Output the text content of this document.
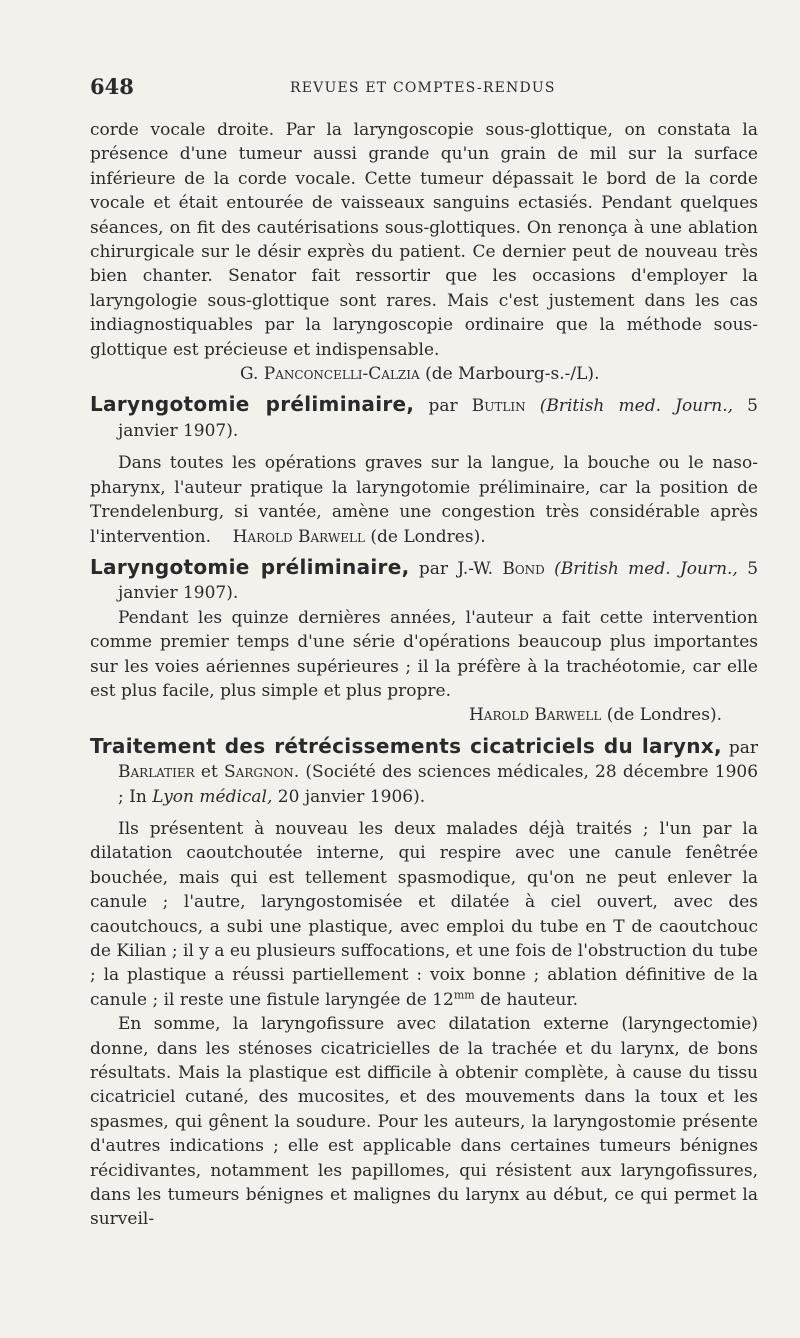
648	REVUES ET COMPTES-RENDUS

corde vocale droite. Par la laryngoscopie sous-glottique, on constata la présence d'une tumeur aussi grande qu'un grain de mil sur la surface inférieure de la corde vocale. Cette tumeur dépassait le bord de la corde vocale et était entourée de vaisseaux sanguins ectasiés. Pendant quelques séances, on fit des cautérisations sous-glottiques. On renonça à une ablation chirurgicale sur le désir exprès du patient. Ce dernier peut de nouveau très bien chanter. Senator fait ressortir que les occasions d'employer la laryngologie sous-glottique sont rares. Mais c'est justement dans les cas indiagnostiquables par la laryngoscopie ordinaire que la méthode sous-glottique est précieuse et indispensable.

G. Panconcelli-Calzia (de Marbourg-s.-/L).

Laryngotomie préliminaire, par Butlin (British med. Journ., 5 janvier 1907).

Dans toutes les opérations graves sur la langue, la bouche ou le naso-pharynx, l'auteur pratique la laryngotomie préliminaire, car la position de Trendelenburg, si vantée, amène une congestion très considérable après l'intervention. Harold Barwell (de Londres).

Laryngotomie préliminaire, par J.-W. Bond (British med. Journ., 5 janvier 1907).

Pendant les quinze dernières années, l'auteur a fait cette intervention comme premier temps d'une série d'opérations beaucoup plus importantes sur les voies aériennes supérieures ; il la préfère à la trachéotomie, car elle est plus facile, plus simple et plus propre.

Harold Barwell (de Londres).

Traitement des rétrécissements cicatriciels du larynx, par Barlatier et Sargnon. (Société des sciences médicales, 28 décembre 1906 ; In Lyon médical, 20 janvier 1906).

Ils présentent à nouveau les deux malades déjà traités ; l'un par la dilatation caoutchoutée interne, qui respire avec une canule fenêtrée bouchée, mais qui est tellement spasmodique, qu'on ne peut enlever la canule ; l'autre, laryngostomisée et dilatée à ciel ouvert, avec des caoutchoucs, a subi une plastique, avec emploi du tube en T de caoutchouc de Kilian ; il y a eu plusieurs suffocations, et une fois de l'obstruction du tube ; la plastique a réussi partiellement : voix bonne ; ablation définitive de la canule ; il reste une fistule laryngée de $12^{mm}$ de hauteur.

En somme, la laryngofissure avec dilatation externe (laryngectomie) donne, dans les sténoses cicatricielles de la trachée et du larynx, de bons résultats. Mais la plastique est difficile à obtenir complète, à cause du tissu cicatriciel cutané, des mucosites, et des mouvements dans la toux et les spasmes, qui gênent la soudure. Pour les auteurs, la laryngostomie présente d'autres indications ; elle est applicable dans certaines tumeurs bénignes récidivantes, notamment les papillomes, qui résistent aux laryngofissures, dans les tumeurs bénignes et malignes du larynx au début, ce qui permet la surveil-
